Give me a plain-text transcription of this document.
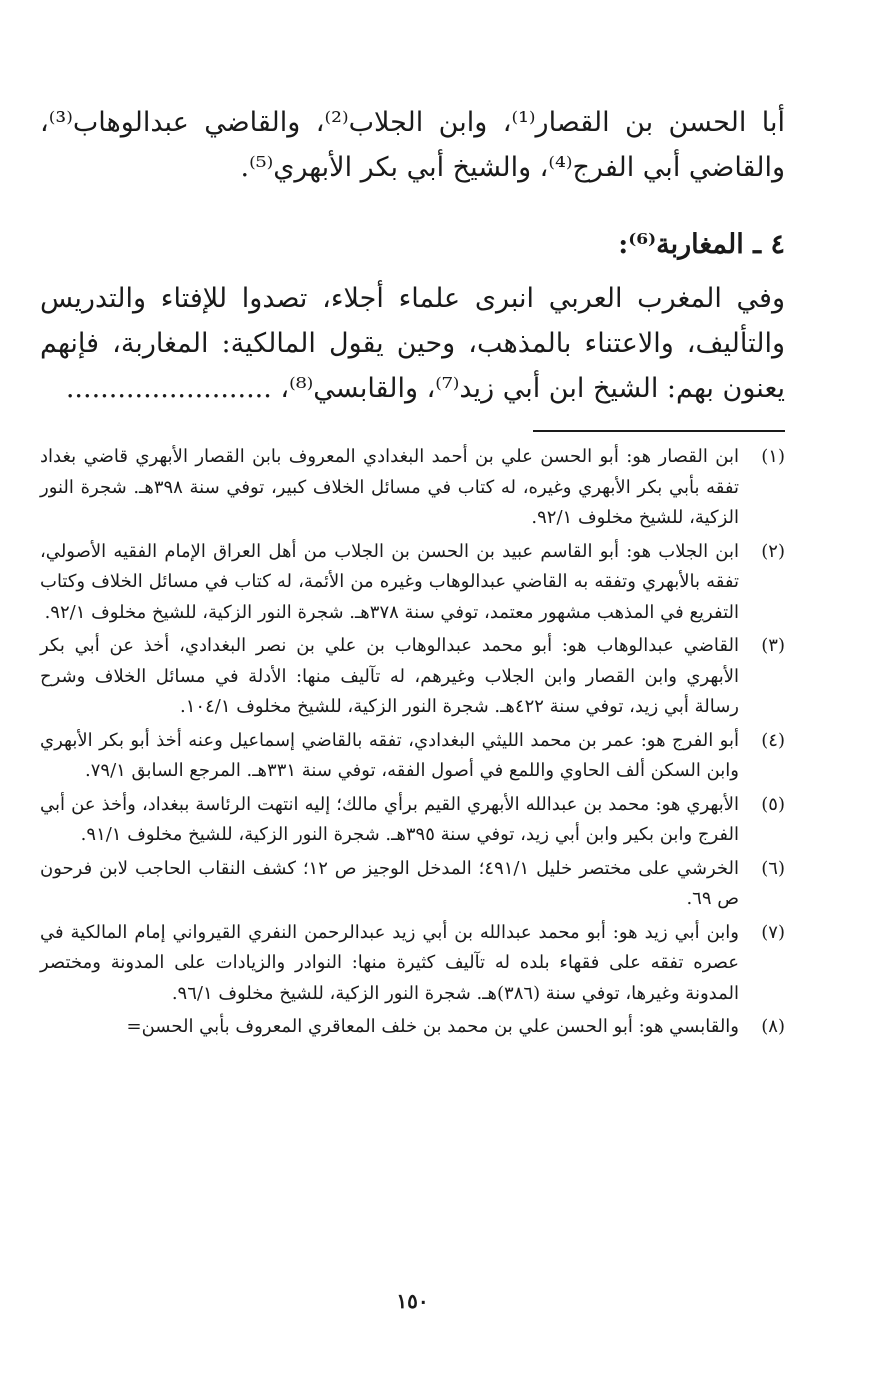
أبا الحسن بن القصار⁽¹⁾، وابن الجلاب⁽²⁾، والقاضي عبدالوهاب⁽³⁾، والقاضي أبي الفرج⁽⁴⁾، والشيخ أبي بكر الأبهري⁽⁵⁾.

٤ ـ المغاربة⁽⁶⁾:

وفي المغرب العربي انبرى علماء أجلاء، تصدوا للإفتاء والتدريس والتأليف، والاعتناء بالمذهب، وحين يقول المالكية: المغاربة، فإنهم يعنون بهم: الشيخ ابن أبي زيد⁽⁷⁾، والقابسي⁽⁸⁾، ........................

(١)
ابن القصار هو: أبو الحسن علي بن أحمد البغدادي المعروف بابن القصار الأبهري قاضي بغداد تفقه بأبي بكر الأبهري وغيره، له كتاب في مسائل الخلاف كبير، توفي سنة ٣٩٨هـ. شجرة النور الزكية، للشيخ مخلوف ٩٢/١.
(٢)
ابن الجلاب هو: أبو القاسم عبيد بن الحسن بن الجلاب من أهل العراق الإمام الفقيه الأصولي، تفقه بالأبهري وتفقه به القاضي عبدالوهاب وغيره من الأئمة، له كتاب في مسائل الخلاف وكتاب التفريع في المذهب مشهور معتمد، توفي سنة ٣٧٨هـ. شجرة النور الزكية، للشيخ مخلوف ٩٢/١.
(٣)
القاضي عبدالوهاب هو: أبو محمد عبدالوهاب بن علي بن نصر البغدادي، أخذ عن أبي بكر الأبهري وابن القصار وابن الجلاب وغيرهم، له تآليف منها: الأدلة في مسائل الخلاف وشرح رسالة أبي زيد، توفي سنة ٤٢٢هـ. شجرة النور الزكية، للشيخ مخلوف ١٠٤/١.
(٤)
أبو الفرج هو: عمر بن محمد الليثي البغدادي، تفقه بالقاضي إسماعيل وعنه أخذ أبو بكر الأبهري وابن السكن ألف الحاوي واللمع في أصول الفقه، توفي سنة ٣٣١هـ. المرجع السابق ٧٩/١.
(٥)
الأبهري هو: محمد بن عبدالله الأبهري القيم برأي مالك؛ إليه انتهت الرئاسة ببغداد، وأخذ عن أبي الفرج وابن بكير وابن أبي زيد، توفي سنة ٣٩٥هـ. شجرة النور الزكية، للشيخ مخلوف ٩١/١.
(٦)
الخرشي على مختصر خليل ٤٩١/١؛ المدخل الوجيز ص ١٢؛ كشف النقاب الحاجب لابن فرحون ص ٦٩.
(٧)
وابن أبي زيد هو: أبو محمد عبدالله بن أبي زيد عبدالرحمن النفري القيرواني إمام المالكية في عصره تفقه على فقهاء بلده له تآليف كثيرة منها: النوادر والزيادات على المدونة ومختصر المدونة وغيرها، توفي سنة (٣٨٦)هـ. شجرة النور الزكية، للشيخ مخلوف ٩٦/١.
(٨)
والقابسي هو: أبو الحسن علي بن محمد بن خلف المعاقري المعروف بأبي الحسن=
١٥٠
